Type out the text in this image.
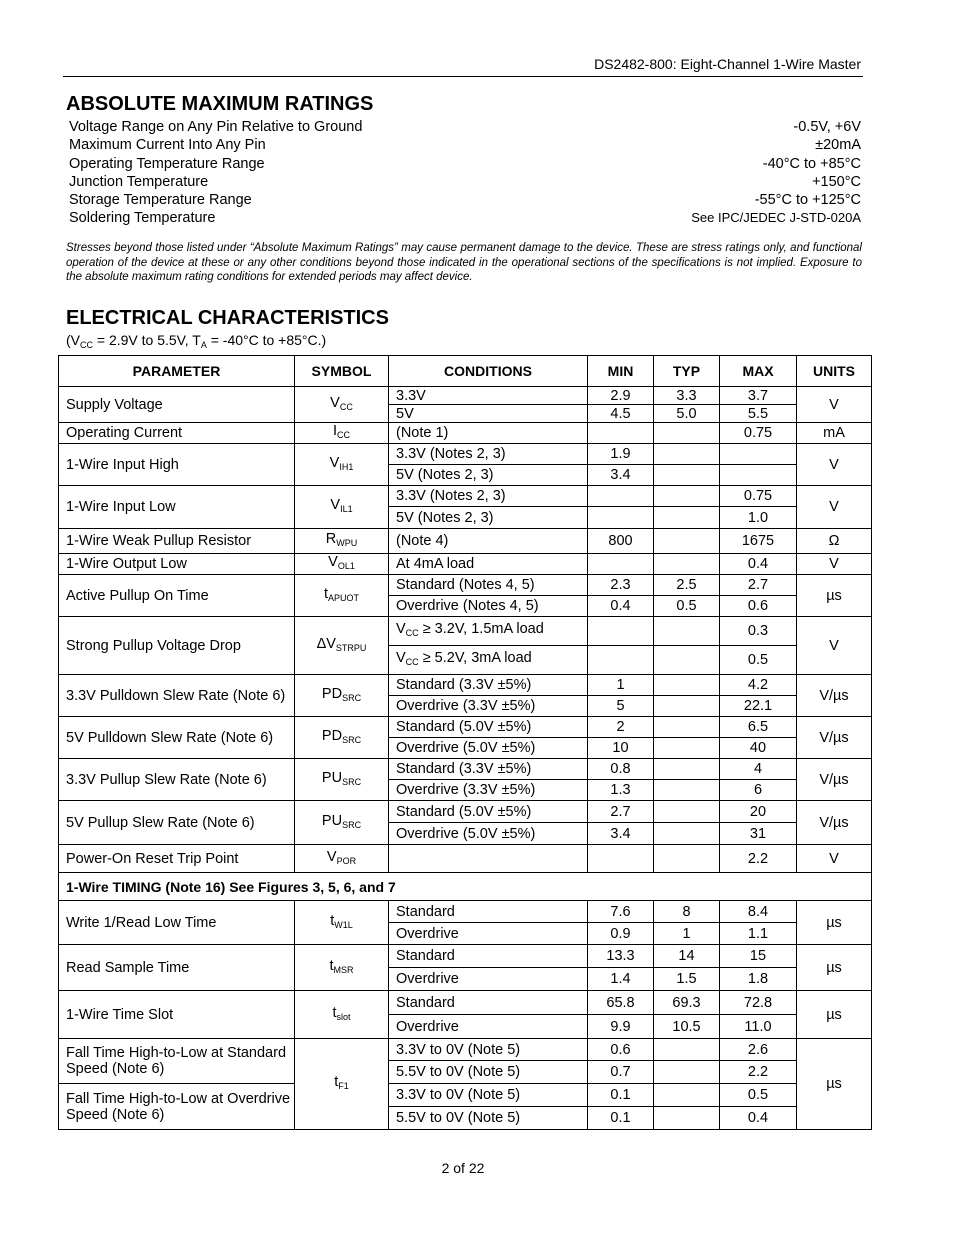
DS2482-800: Eight-Channel 1-Wire Master
ABSOLUTE MAXIMUM RATINGS
Voltage Range on Any Pin Relative to Ground	-0.5V, +6V
Maximum Current Into Any Pin	±20mA
Operating Temperature Range	-40°C to +85°C
Junction Temperature	+150°C
Storage Temperature Range	-55°C to +125°C
Soldering Temperature	See IPC/JEDEC J-STD-020A
Stresses beyond those listed under “Absolute Maximum Ratings” may cause permanent damage to the device. These are stress ratings only, and functional operation of the device at these or any other conditions beyond those indicated in the operational sections of the specifications is not implied. Exposure to the absolute maximum rating conditions for extended periods may affect device.
ELECTRICAL CHARACTERISTICS
($V_{CC} = 2.9V$ to 5.5V, $T_A = -40^\circ C$ to +85°C.)
PARAMETER	SYMBOL	CONDITIONS	MIN	TYP	MAX	UNITS
Supply Voltage	$V_{CC}$	3.3V	2.9	3.3	3.7	V
		5V	4.5	5.0	5.5	
Operating Current	$I_{CC}$	(Note 1)			0.75	mA
1-Wire Input High	$V_{IH1}$	3.3V (Notes 2, 3)	1.9			V
		5V (Notes 2, 3)	3.4			
1-Wire Input Low	$V_{IL1}$	3.3V (Notes 2, 3)			0.75	V
		5V (Notes 2, 3)			1.0	
1-Wire Weak Pullup Resistor	$R_{WPU}$	(Note 4)	800		1675	Ω
1-Wire Output Low	$V_{OL1}$	At 4mA load			0.4	V
Active Pullup On Time	$t_{APUOT}$	Standard (Notes 4, 5)	2.3	2.5	2.7	µs
		Overdrive (Notes 4, 5)	0.4	0.5	0.6	
Strong Pullup Voltage Drop	$\Delta V_{STRPU}$	$V_{CC} \ge 3.2V$, 1.5mA load			0.3	V
		$V_{CC} \ge 5.2V$, 3mA load			0.5	
3.3V Pulldown Slew Rate (Note 6)	$PD_{SRC}$	Standard (3.3V ±5%)	1		4.2	V/µs
		Overdrive (3.3V ±5%)	5		22.1	
5V Pulldown Slew Rate (Note 6)	$PD_{SRC}$	Standard (5.0V ±5%)	2		6.5	V/µs
		Overdrive (5.0V ±5%)	10		40	
3.3V Pullup Slew Rate (Note 6)	$PU_{SRC}$	Standard (3.3V ±5%)	0.8		4	V/µs
		Overdrive (3.3V ±5%)	1.3		6	
5V Pullup Slew Rate (Note 6)	$PU_{SRC}$	Standard (5.0V ±5%)	2.7		20	V/µs
		Overdrive (5.0V ±5%)	3.4		31	
Power-On Reset Trip Point	$V_{POR}$				2.2	V
1-Wire TIMING (Note 16) See Figures 3, 5, 6, and 7						
Write 1/Read Low Time	$t_{W1L}$	Standard	7.6	8	8.4	µs
		Overdrive	0.9	1	1.1	
Read Sample Time	$t_{MSR}$	Standard	13.3	14	15	µs
		Overdrive	1.4	1.5	1.8	
1-Wire Time Slot	$t_{slot}$	Standard	65.8	69.3	72.8	µs
		Overdrive	9.9	10.5	11.0	
Fall Time High-to-Low at Standard Speed (Note 6)	$t_{F1}$	3.3V to 0V (Note 5)	0.6		2.6	µs
		5.5V to 0V (Note 5)	0.7		2.2	
Fall Time High-to-Low at Overdrive Speed (Note 6)		3.3V to 0V (Note 5)	0.1		0.5	
		5.5V to 0V (Note 5)	0.1		0.4	
2 of 22
